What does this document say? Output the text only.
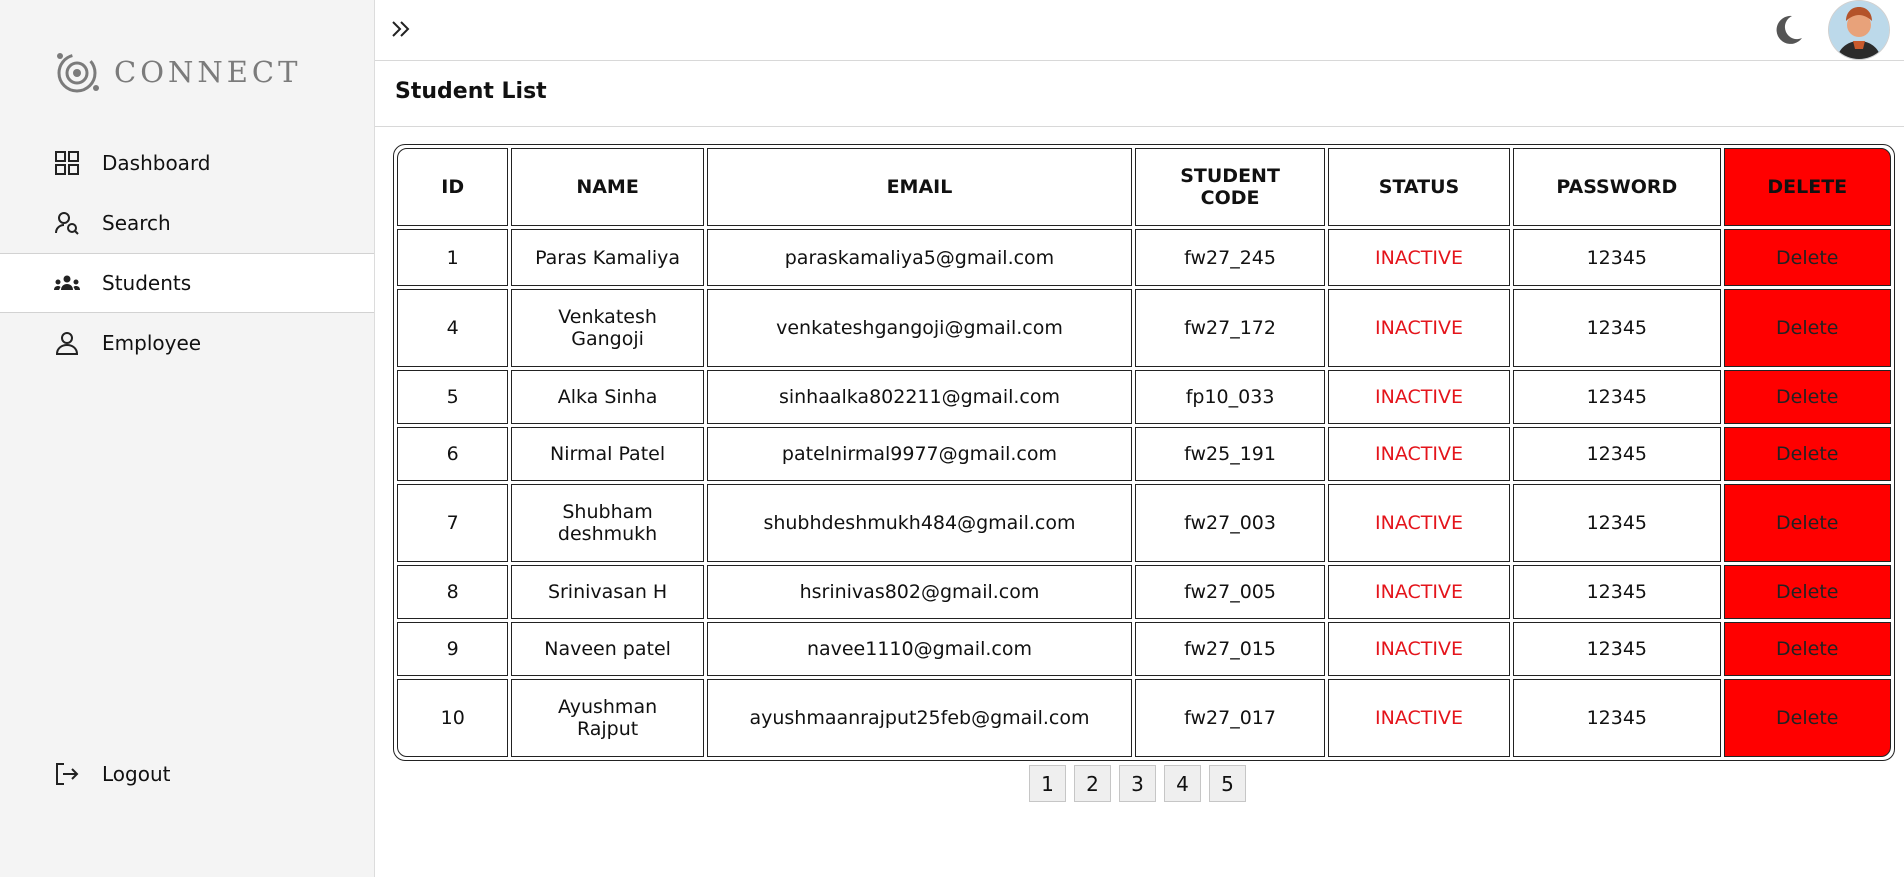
CONNECT
Dashboard
Search
Students
Employee
Logout
Student List
ID	NAME	EMAIL	STUDENT CODE	STATUS	PASSWORD	DELETE
1	Paras Kamaliya	paraskamaliya5@gmail.com	fw27_245	INACTIVE	12345	Delete
4	Venkatesh Gangoji	venkateshgangoji@gmail.com	fw27_172	INACTIVE	12345	Delete
5	Alka Sinha	sinhaalka802211@gmail.com	fp10_033	INACTIVE	12345	Delete
6	Nirmal Patel	patelnirmal9977@gmail.com	fw25_191	INACTIVE	12345	Delete
7	Shubham deshmukh	shubhdeshmukh484@gmail.com	fw27_003	INACTIVE	12345	Delete
8	Srinivasan H	hsrinivas802@gmail.com	fw27_005	INACTIVE	12345	Delete
9	Naveen patel	navee1110@gmail.com	fw27_015	INACTIVE	12345	Delete
10	Ayushman Rajput	ayushmaanrajput25feb@gmail.com	fw27_017	INACTIVE	12345	Delete
1	2	3	4	5
